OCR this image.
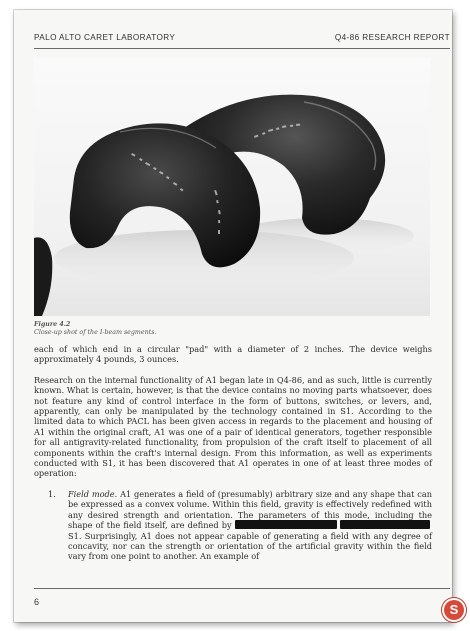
PALO ALTO CARET LABORATORY	Q4-86 RESEARCH REPORT
Figure 4.2
Close-up shot of the I-beam segments.

each of which end in a circular "pad" with a diameter of 2 inches. The device weighs approximately 4 pounds, 3 ounces.

Research on the internal functionality of A1 began late in Q4-86, and as such, little is currently known. What is certain, however, is that the device contains no moving parts whatsoever, does not feature any kind of control interface in the form of buttons, switches, or levers, and, apparently, can only be manipulated by the technology contained in S1. According to the limited data to which PACL has been given access in regards to the placement and housing of A1 within the original craft, A1 was one of a pair of identical generators, together responsible for all antigravity-related functionality, from propulsion of the craft itself to placement of all components within the craft's internal design. From this information, as well as experiments conducted with S1, it has been discovered that A1 operates in one of at least three modes of operation:

1. Field mode. A1 generates a field of (presumably) arbitrary size and any shape that can be expressed as a convex volume. Within this field, gravity is effectively redefined with any desired strength and orientation. The parameters of this mode, including the shape of the field itself, are defined by  S1. Surprisingly, A1 does not appear capable of generating a field with any degree of concavity, nor can the strength or orientation of the artificial gravity within the field vary from one point to another. An example of
6	S
